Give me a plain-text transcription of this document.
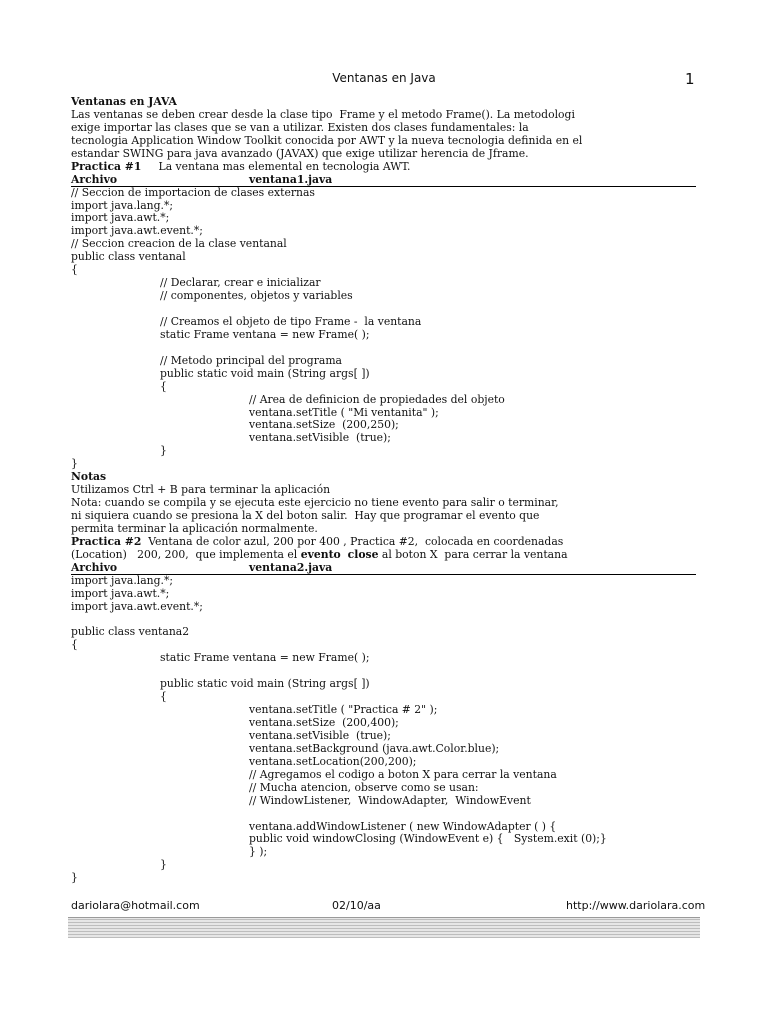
Ventanas en Java	1
Ventanas en JAVA
Las ventanas se deben crear desde la clase tipo  Frame y el metodo Frame(). La metodologi
exige importar las clases que se van a utilizar. Existen dos clases fundamentales: la
tecnologia Application Window Toolkit conocida por AWT y la nueva tecnologia definida en el
estandar SWING para java avanzado (JAVAX) que exige utilizar herencia de Jframe.
Practica #1     La ventana mas elemental en tecnologia AWT.
Archivo	ventana1.java
// Seccion de importacion de clases externas
import java.lang.*;
import java.awt.*;
import java.awt.event.*;
// Seccion creacion de la clase ventanal
public class ventanal
{
// Declarar, crear e inicializar
// componentes, objetos y variables
// Creamos el objeto de tipo Frame -  la ventana
static Frame ventana = new Frame( );
// Metodo principal del programa
public static void main (String args[ ])
{
// Area de definicion de propiedades del objeto
ventana.setTitle ( "Mi ventanita" );
ventana.setSize  (200,250);
ventana.setVisible  (true);
}
}
Notas
Utilizamos Ctrl + B para terminar la aplicación
Nota: cuando se compila y se ejecuta este ejercicio no tiene evento para salir o terminar,
ni siquiera cuando se presiona la X del boton salir.  Hay que programar el evento que
permita terminar la aplicación normalmente.
Practica #2  Ventana de color azul, 200 por 400 , Practica #2,  colocada en coordenadas
(Location)   200, 200,  que implementa el evento close al boton X  para cerrar la ventana
Archivo	ventana2.java
import java.lang.*;
import java.awt.*;
import java.awt.event.*;
public class ventana2
{
static Frame ventana = new Frame( );
public static void main (String args[ ])
{
ventana.setTitle ( "Practica # 2" );
ventana.setSize  (200,400);
ventana.setVisible  (true);
ventana.setBackground (java.awt.Color.blue);
ventana.setLocation(200,200);
// Agregamos el codigo a boton X para cerrar la ventana
// Mucha atencion, observe como se usan:
// WindowListener,  WindowAdapter,  WindowEvent
ventana.addWindowListener ( new WindowAdapter ( ) {
public void windowClosing (WindowEvent e) {   System.exit (0);}
} );
}
}
dariolara@hotmail.com	02/10/aa	http://www.dariolara.com
